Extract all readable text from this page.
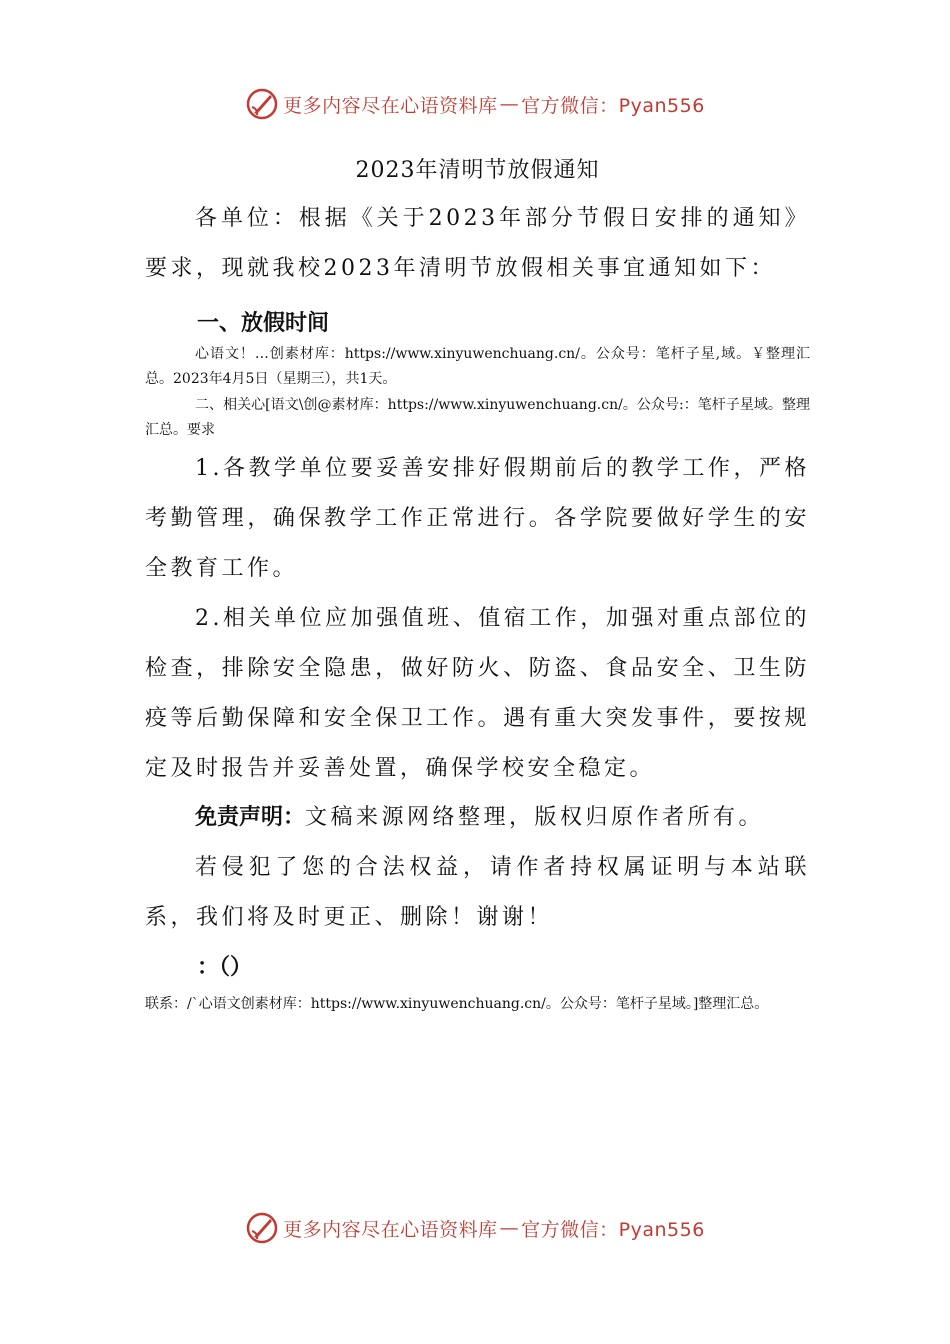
更多内容尽在心语资料库 — 官方微信：Pyan556
2023年清明节放假通知
各单位：根据《关于2023年部分节假日安排的通知》要求，现就我校2023年清明节放假相关事宜通知如下：
一、放假时间
心语文！…创素材库：https://www.xinyuwenchuang.cn/。公众号：笔杆子星,域。￥整理汇总。2023年4月5日（星期三），共1天。
二、相关心[语文\创@素材库：https://www.xinyuwenchuang.cn/。公众号:：笔杆子星域。整理汇总。要求
1.各教学单位要妥善安排好假期前后的教学工作，严格考勤管理，确保教学工作正常进行。各学院要做好学生的安全教育工作。
2.相关单位应加强值班、值宿工作，加强对重点部位的检查，排除安全隐患，做好防火、防盗、食品安全、卫生防疫等后勤保障和安全保卫工作。遇有重大突发事件，要按规定及时报告并妥善处置，确保学校安全稳定。
免责声明：文稿来源网络整理，版权归原作者所有。
若侵犯了您的合法权益，请作者持权属证明与本站联系，我们将及时更正、删除！谢谢！
：（）
联系：/`心语文创素材库：https://www.xinyuwenchuang.cn/。公众号：笔杆子星域。]整理汇总。
更多内容尽在心语资料库 — 官方微信：Pyan556
